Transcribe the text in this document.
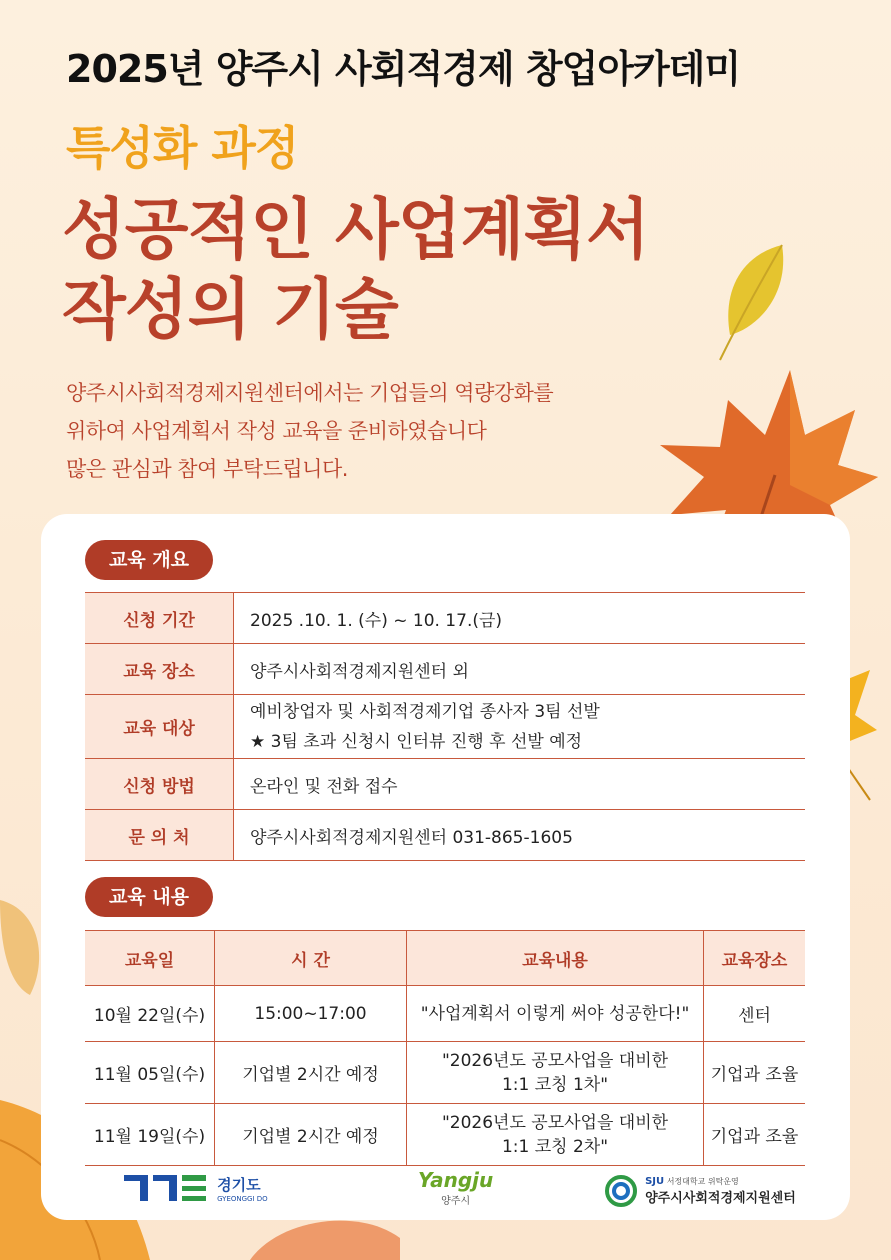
2025년 양주시 사회적경제 창업아카데미
특성화 과정
성공적인 사업계획서
작성의 기술
양주시사회적경제지원센터에서는 기업들의 역량강화를
위하여 사업계획서 작성 교육을 준비하였습니다
많은 관심과 참여 부탁드립니다.
교육 개요
신청 기간	2025 .10. 1. (수) ~ 10. 17.(금)
교육 장소	양주시사회적경제지원센터 외
교육 대상	예비창업자 및 사회적경제기업 종사자 3팀 선발
★ 3팀 초과 신청시 인터뷰 진행 후 선발 예정

신청 방법	온라인 및 전화 접수
문 의 처	양주시사회적경제지원센터 031-865-1605
교육 내용
교육일	시 간	교육내용	교육장소
10월 22일(수)	15:00~17:00	"사업계획서 이렇게 써야 성공한다!"	센터
11월 05일(수)	기업별 2시간 예정	"2026년도 공모사업을 대비한
1:1 코칭 1차"	기업과 조율
11월 19일(수)	기업별 2시간 예정	"2026년도 공모사업을 대비한
1:1 코칭 2차"	기업과 조율

경기도
GYEONGGI DO
Yangju
양주시

SJU 서정대학교 위탁운영
양주시사회적경제지원센터
